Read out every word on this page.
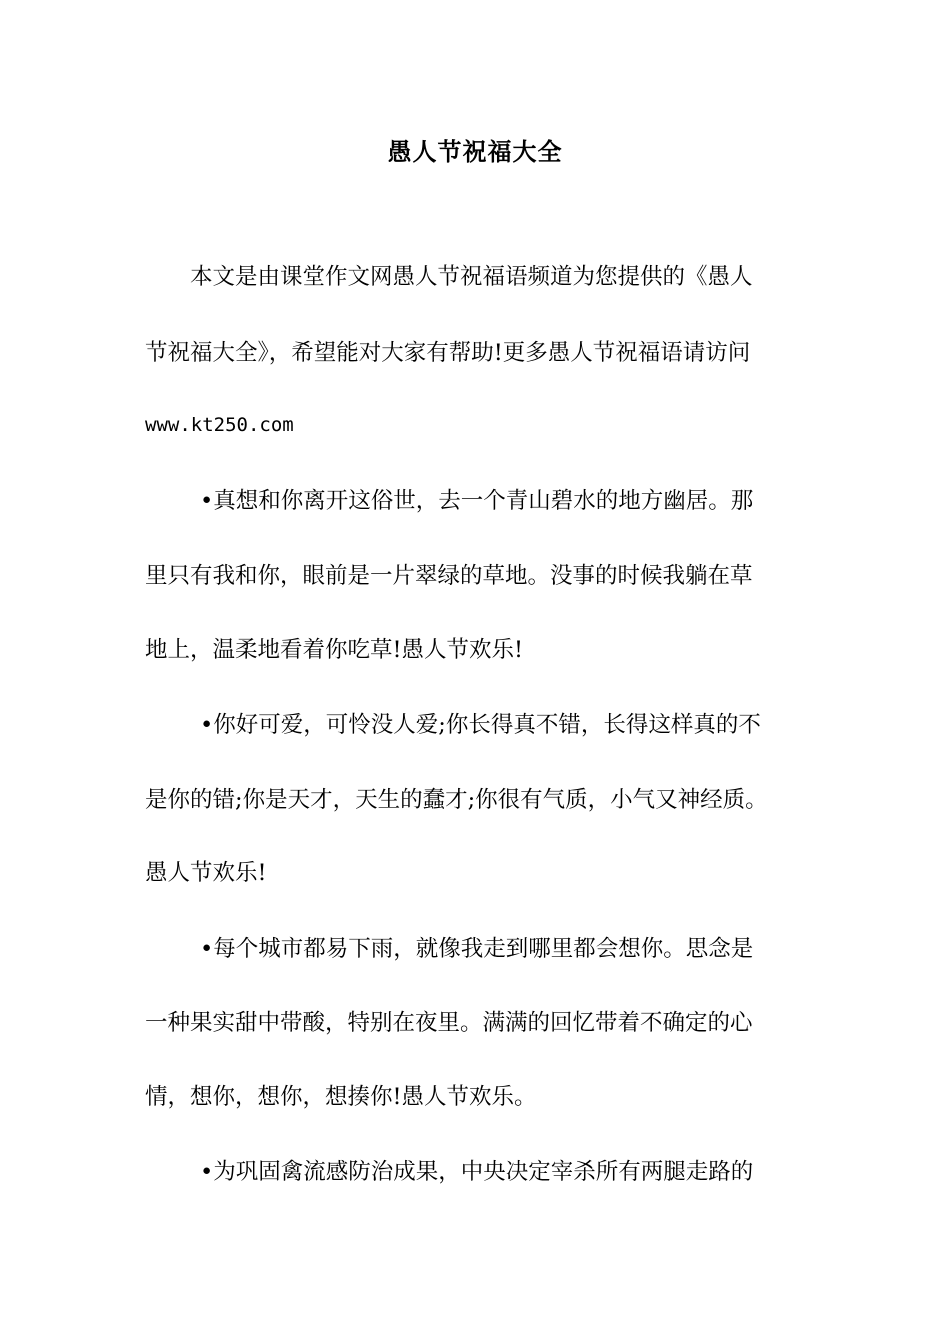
愚人节祝福大全
本文是由课堂作文网愚人节祝福语频道为您提供的《愚人
节祝福大全》，希望能对大家有帮助!更多愚人节祝福语请访问
www.kt250.com
•真想和你离开这俗世，去一个青山碧水的地方幽居。那
里只有我和你，眼前是一片翠绿的草地。没事的时候我躺在草
地上，温柔地看着你吃草!愚人节欢乐!
•你好可爱，可怜没人爱;你长得真不错，长得这样真的不
是你的错;你是天才，天生的蠢才;你很有气质，小气又神经质。
愚人节欢乐!
•每个城市都易下雨，就像我走到哪里都会想你。思念是
一种果实甜中带酸，特别在夜里。满满的回忆带着不确定的心
情，想你，想你，想揍你!愚人节欢乐。
•为巩固禽流感防治成果，中央决定宰杀所有两腿走路的
